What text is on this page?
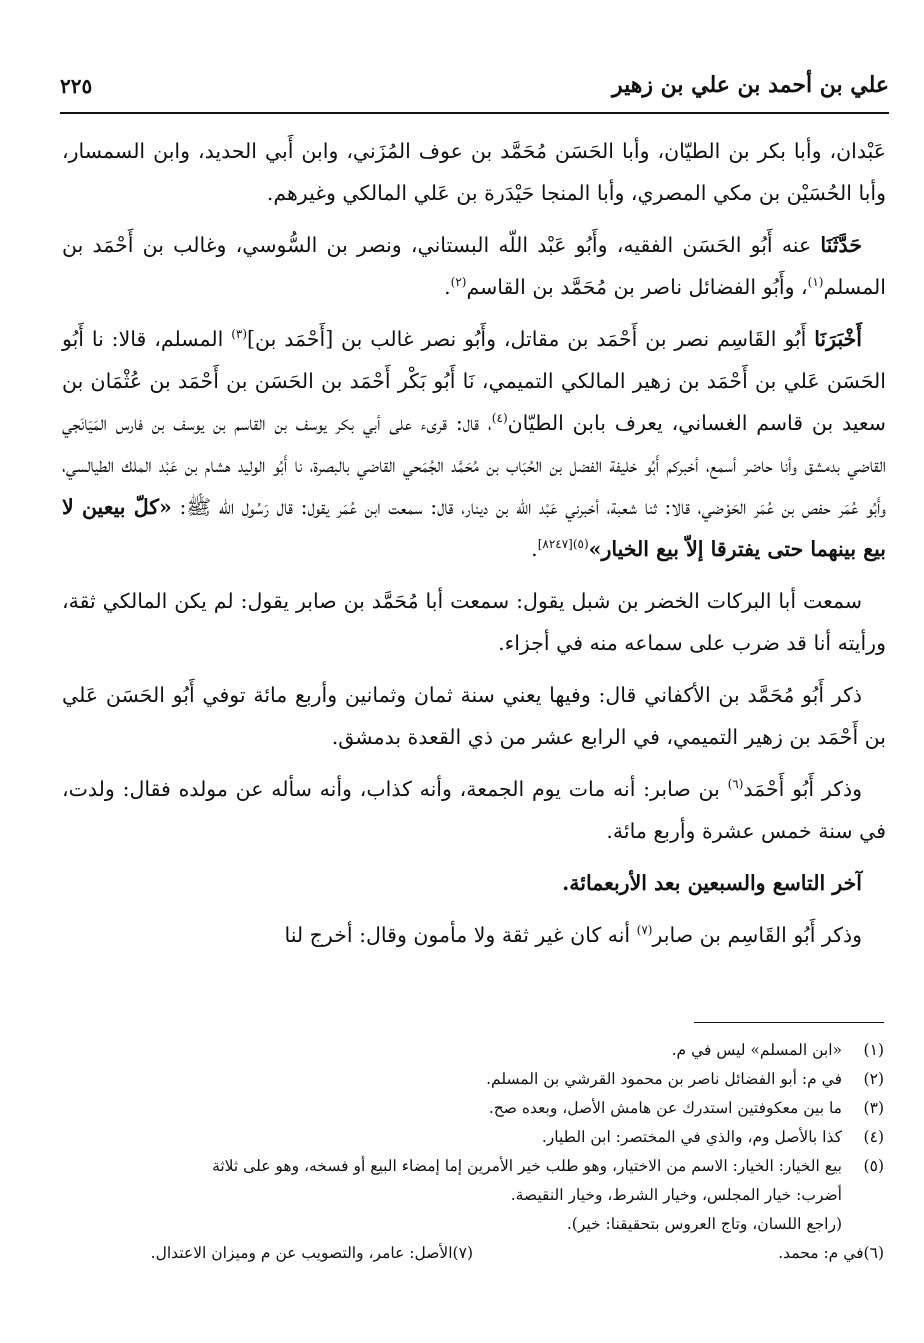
علي بن أحمد بن علي بن زهير
٢٢٥

عَبْدان، وأبا بكر بن الطيّان، وأبا الحَسَن مُحَمَّد بن عوف المُزَني، وابن أَبي الحديد، وابن السمسار، وأبا الحُسَيْن بن مكي المصري، وأبا المنجا حَيْدَرة بن عَلي المالكي وغيرهم.

حَدَّثَنَا عنه أَبُو الحَسَن الفقيه، وأَبُو عَبْد اللّه البستاني، ونصر بن السُّوسي، وغالب بن أَحْمَد بن المسلم$^{(١)}$، وأَبُو الفضائل ناصر بن مُحَمَّد بن القاسم$^{(٢)}$.

أَخْبَرَنَا أَبُو القَاسِم نصر بن أَحْمَد بن مقاتل، وأَبُو نصر غالب بن [أَحْمَد بن]$^{(٣)}$ المسلم، قالا: نا أَبُو الحَسَن عَلي بن أَحْمَد بن زهير المالكي التميمي، نَا أَبُو بَكْر أَحْمَد بن الحَسَن بن أَحْمَد بن عُثْمَان بن سعيد بن قاسم الغساني، يعرف بابن الطيّان$^{(٤)}$، قال: قرىء على أبي بكر يوسف بن القاسم بن يوسف بن فارس المَيَانَجي القاضي بدمشق وأنا حاضر أسمع، أخبركم أَبُو خليفة الفضل بن الحُبَاب بن مُحَمَّد الجُمَحي القاضي بالبصرة، نا أَبُو الوليد هشام بن عَبْد الملك الطيالسي، وأَبُو عُمَر حفص بن عُمَر الحَوْضي، قالا: ثنا شعبة، أخبرني عَبْد اللّه بن دينار، قال: سمعت ابن عُمَر يقول: قال رَسُول الله ﷺ: «كلّ بيعين لا بيع بينهما حتى يفترقا إلاّ بيع الخيار»$^{(٥)[٨٢٤٧]}$.

سمعت أبا البركات الخضر بن شبل يقول: سمعت أبا مُحَمَّد بن صابر يقول: لم يكن المالكي ثقة، ورأيته أنا قد ضرب على سماعه منه في أجزاء.

ذكر أَبُو مُحَمَّد بن الأكفاني قال: وفيها يعني سنة ثمان وثمانين وأربع مائة توفي أَبُو الحَسَن عَلي بن أَحْمَد بن زهير التميمي، في الرابع عشر من ذي القعدة بدمشق.

وذكر أَبُو أَحْمَد$^{(٦)}$ بن صابر: أنه مات يوم الجمعة، وأنه كذاب، وأنه سأله عن مولده فقال: ولدت، في سنة خمس عشرة وأربع مائة.

آخر التاسع والسبعين بعد الأربعمائة.

وذكر أَبُو القَاسِم بن صابر$^{(٧)}$ أنه كان غير ثقة ولا مأمون وقال: أخرج لنا

(١)
«ابن المسلم» ليس في م.
(٢)
في م: أبو الفضائل ناصر بن محمود القرشي بن المسلم.
(٣)
ما بين معكوفتين استدرك عن هامش الأصل، وبعده صح.
(٤)
كذا بالأصل وم، والذي في المختصر: ابن الطيار.
(٥)
بيع الخيار: الخيار: الاسم من الاختيار، وهو طلب خير الأمرين إما إمضاء البيع أو فسخه، وهو على ثلاثة
أضرب: خيار المجلس، وخيار الشرط، وخيار النقيصة.
(راجع اللسان، وتاج العروس بتحقيقنا: خير).
(٦)
في م: محمد.
(٧)
الأصل: عامر، والتصويب عن م وميزان الاعتدال.
